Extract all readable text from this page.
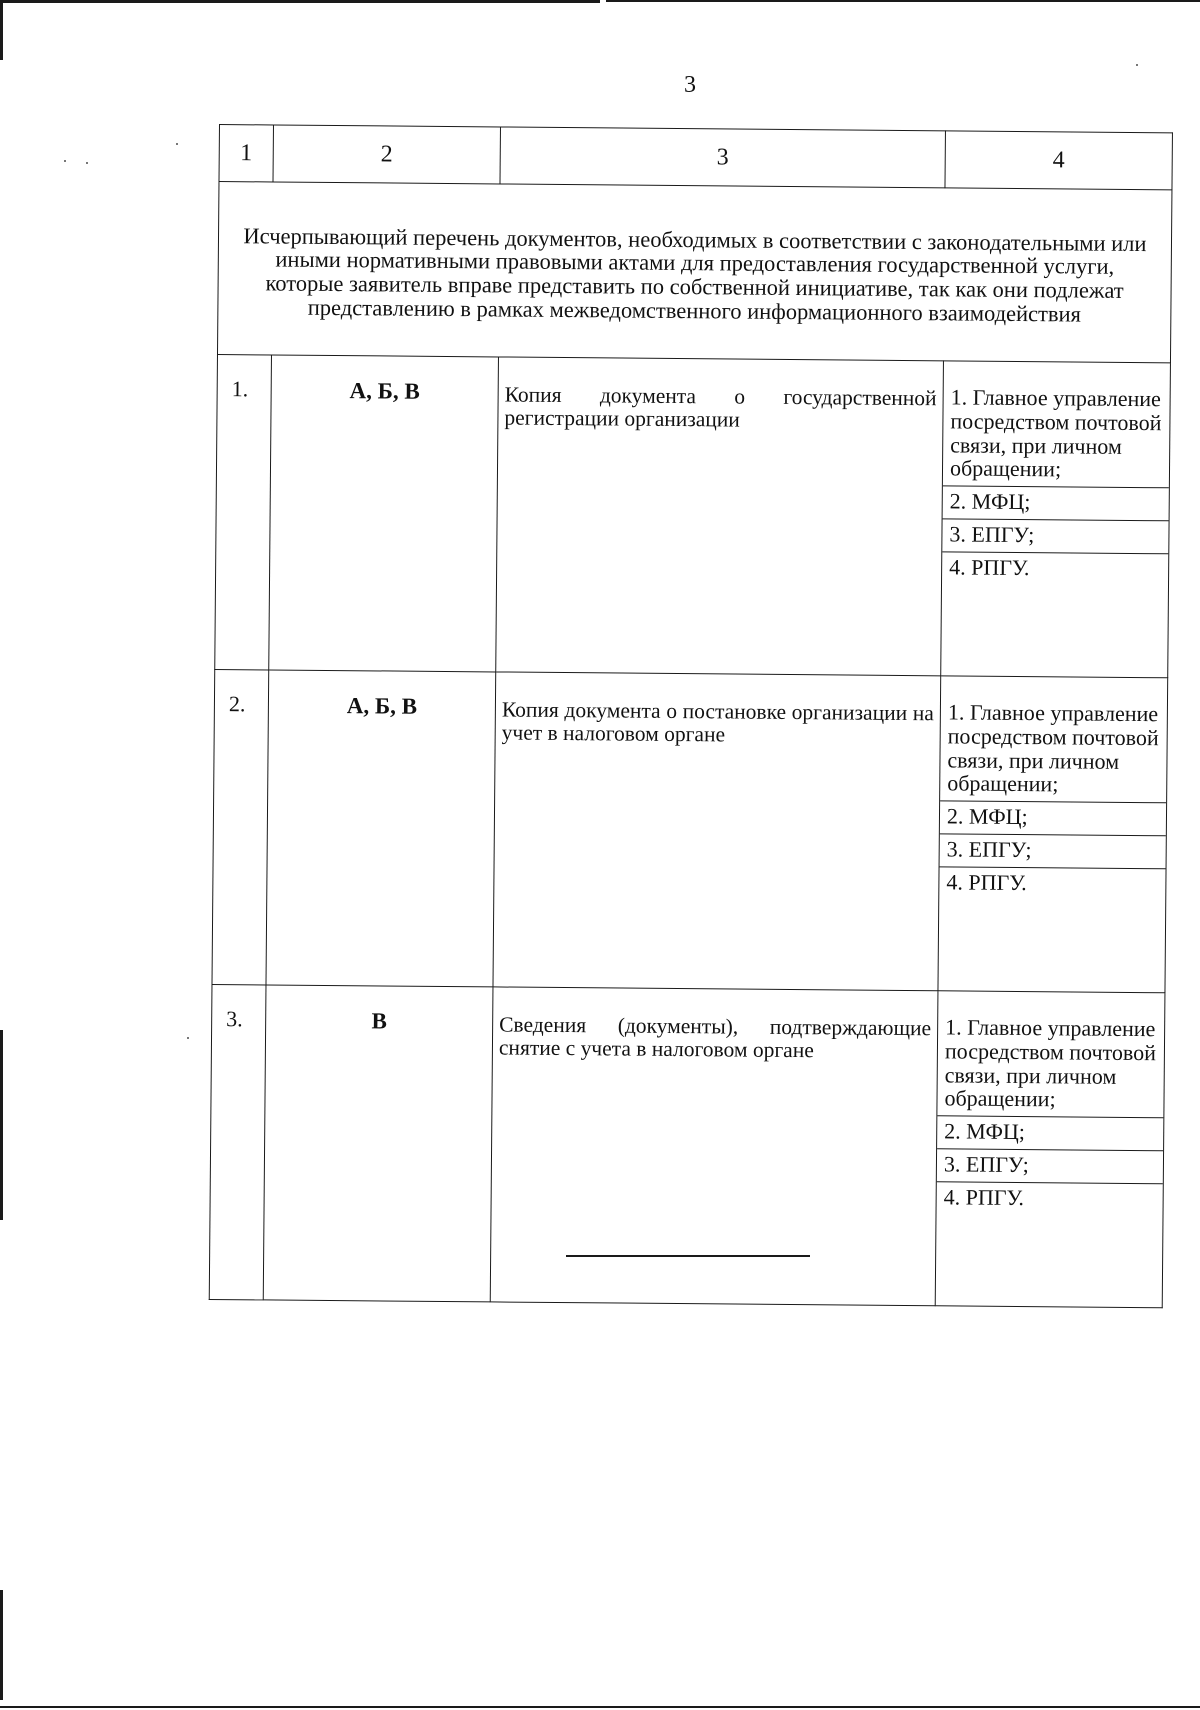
3

1	2	3	4
Исчерпывающий перечень документов, необходимых в соответствии с законодательными или иными нормативными правовыми актами для предоставления государственной услуги, которые заявитель вправе представить по собственной инициативе, так как они подлежат представлению в рамках межведомственного информационного взаимодействия			
1.	А, Б, В	Копия документа о государственной регистрации организации	1. Главное управление посредством почтовой связи, при личном обращении;
2. МФЦ;
3. ЕПГУ;
4. РПГУ.

2.	А, Б, В	Копия документа о постановке организации на учет в налоговом органе	1. Главное управление посредством почтовой связи, при личном обращении;
2. МФЦ;
3. ЕПГУ;
4. РПГУ.

3.	В	Сведения (документы), подтверждающие снятие с учета в налоговом органе	1. Главное управление посредством почтовой связи, при личном обращении;
2. МФЦ;
3. ЕПГУ;
4. РПГУ.
